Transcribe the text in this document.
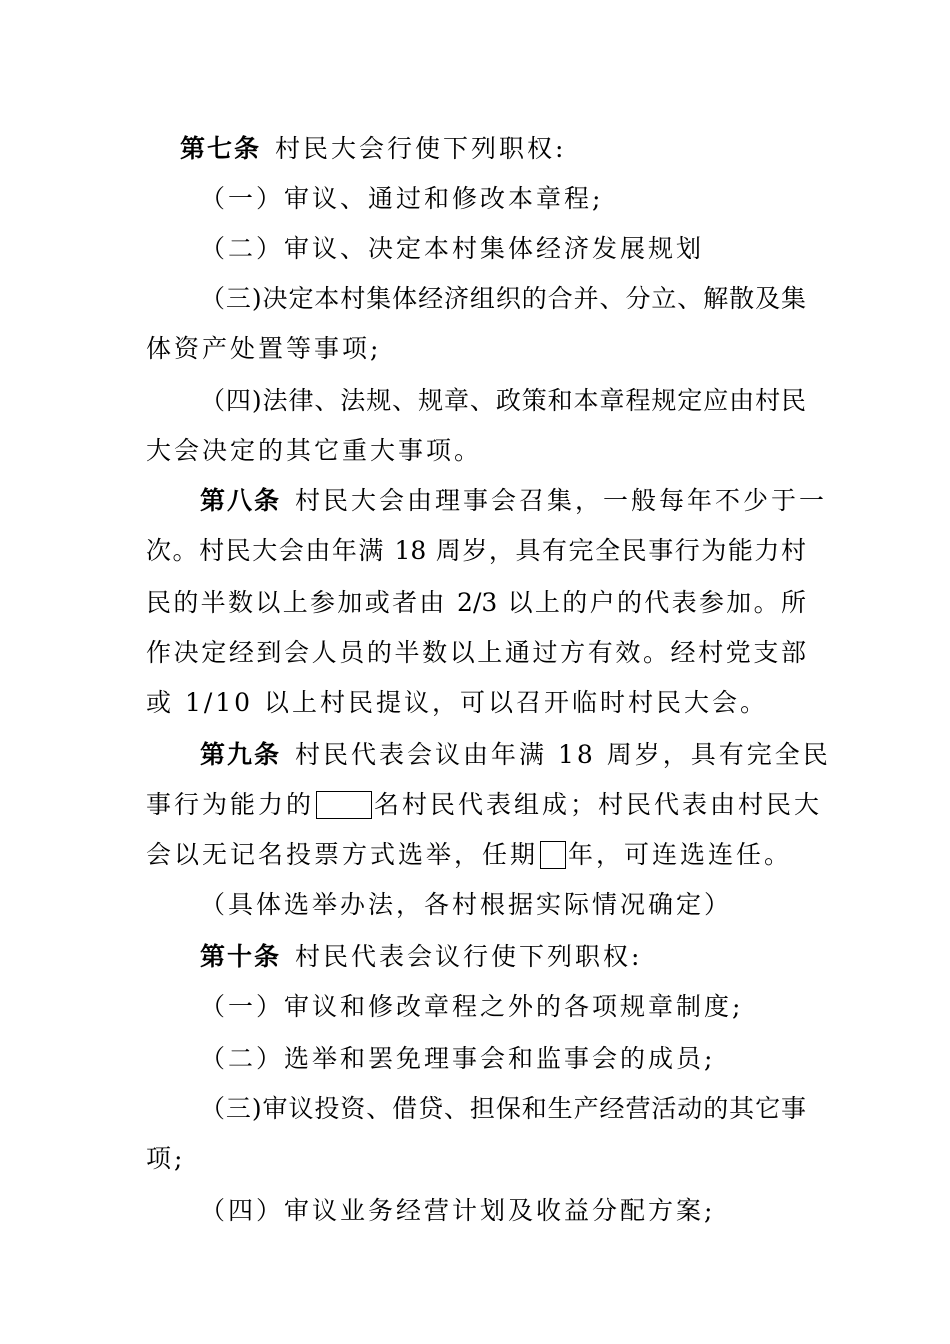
第七条 村民大会行使下列职权:
（一）审议、通过和修改本章程;
（二）审议、决定本村集体经济发展规划
（三)决定本村集体经济组织的合并、分立、解散及集
体资产处置等事项;
（四)法律、法规、规章、政策和本章程规定应由村民
大会决定的其它重大事项。
第八条 村民大会由理事会召集，一般每年不少于一
次。村民大会由年满 18 周岁，具有完全民事行为能力村
民的半数以上参加或者由 2/3 以上的户的代表参加。所
作决定经到会人员的半数以上通过方有效。经村党支部
或 1/10 以上村民提议，可以召开临时村民大会。
第九条 村民代表会议由年满 18 周岁，具有完全民
事行为能力的 名村民代表组成；村民代表由村民大
会以无记名投票方式选举，任期 年，可连选连任。
（具体选举办法，各村根据实际情况确定）
第十条 村民代表会议行使下列职权:
（一）审议和修改章程之外的各项规章制度;
（二）选举和罢免理事会和监事会的成员;
（三)审议投资、借贷、担保和生产经营活动的其它事
项;
（四）审议业务经营计划及收益分配方案;
